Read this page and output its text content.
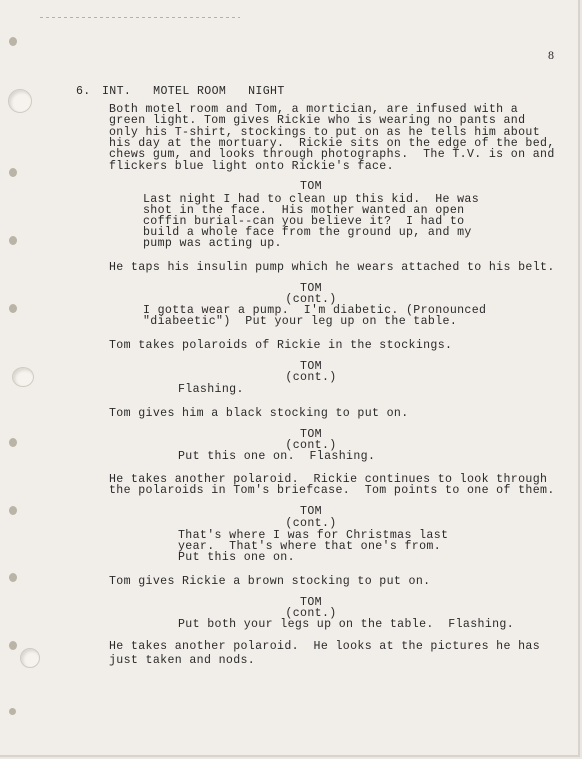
8
6. INT.   MOTEL ROOM   NIGHT
Both motel room and Tom, a mortician, are infused with a
green light. Tom gives Rickie who is wearing no pants and
only his T-shirt, stockings to put on as he tells him about
his day at the mortuary.  Rickie sits on the edge of the bed,
chews gum, and looks through photographs.  The T.V. is on and
flickers blue light onto Rickie's face.
TOM
Last night I had to clean up this kid.  He was
shot in the face.  His mother wanted an open
coffin burial--can you believe it?  I had to
build a whole face from the ground up, and my
pump was acting up.
He taps his insulin pump which he wears attached to his belt.
TOM
(cont.)
I gotta wear a pump.  I'm diabetic. (Pronounced
"diabeetic")  Put your leg up on the table.
Tom takes polaroids of Rickie in the stockings.
TOM
(cont.)
Flashing.
Tom gives him a black stocking to put on.
TOM
(cont.)
Put this one on.  Flashing.
He takes another polaroid.  Rickie continues to look through
the polaroids in Tom's briefcase.  Tom points to one of them.
TOM
(cont.)
That's where I was for Christmas last
year.  That's where that one's from.
Put this one on.
Tom gives Rickie a brown stocking to put on.
TOM
(cont.)
Put both your legs up on the table.  Flashing.
He takes another polaroid.  He looks at the pictures he has
just taken and nods.
